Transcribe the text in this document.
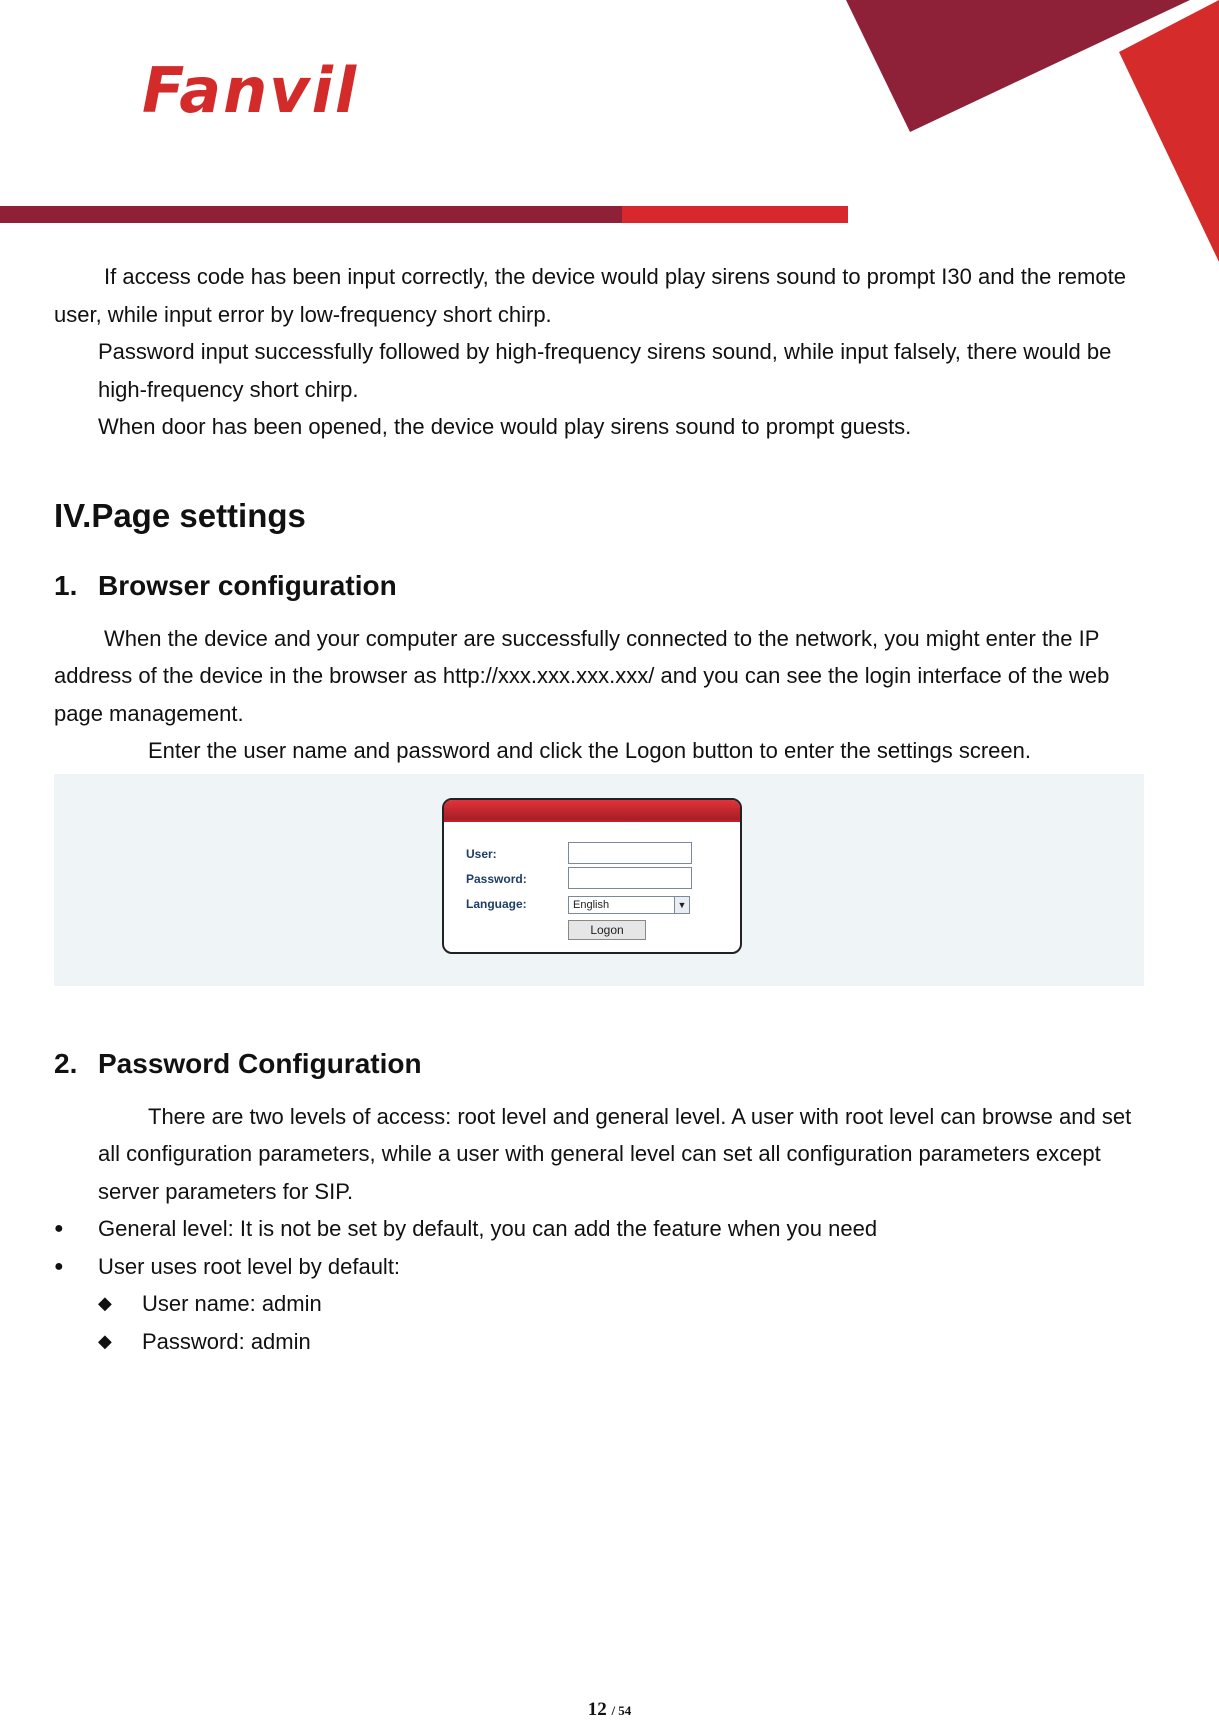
Fanvil

If access code has been input correctly, the device would play sirens sound to prompt I30 and the remote user, while input error by low-frequency short chirp.

Password input successfully followed by high-frequency sirens sound, while input falsely, there would be high-frequency short chirp.

When door has been opened, the device would play sirens sound to prompt guests.

IV.Page settings
1. Browser configuration

When the device and your computer are successfully connected to the network, you might enter the IP address of the device in the browser as http://xxx.xxx.xxx.xxx/ and you can see the login interface of the web page management.

Enter the user name and password and click the Logon button to enter the settings screen.

User:
Password:
Language:	English	▼
Logon
2. Password Configuration

There are two levels of access: root level and general level. A user with root level can browse and set all configuration parameters, while a user with general level can set all configuration parameters except server parameters for SIP.

●	General level: It is not be set by default, you can add the feature when you need
●	User uses root level by default:
◆	User name: admin
◆	Password: admin
12 / 54
